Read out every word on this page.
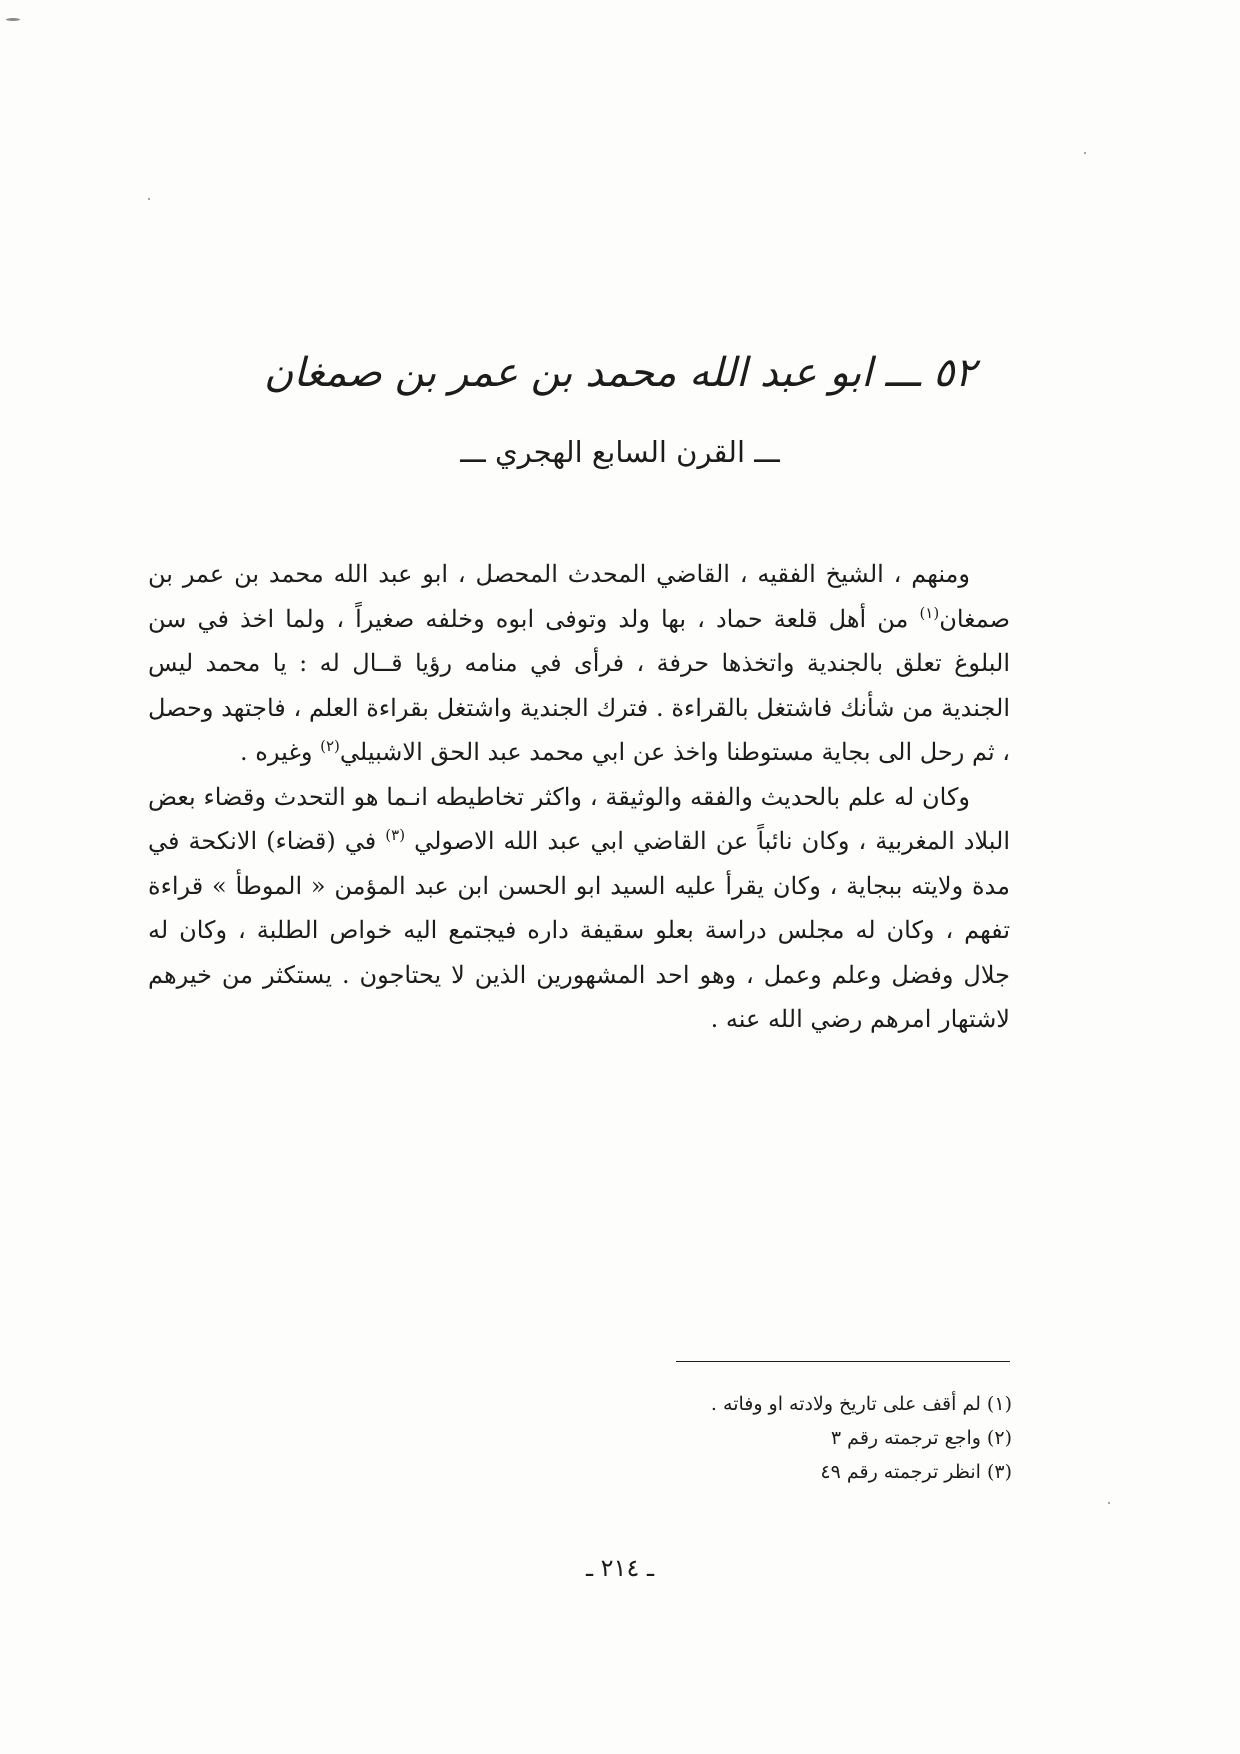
٥٢ ـــ ابو عبد الله محمد بن عمر بن صمغان
ـــ القرن السابع الهجري ـــ

ومنهم ، الشيخ الفقيه ، القاضي المحدث المحصل ، ابو عبد الله محمد بن عمر بن صمغان$^{(١)}$ من أهل قلعة حماد ، بها ولد وتوفى ابوه وخلفه صغيراً ، ولما اخذ في سن البلوغ تعلق بالجندية واتخذها حرفة ، فرأى في منامه رؤيا قــال له : يا محمد ليس الجندية من شأنك فاشتغل بالقراءة . فترك الجندية واشتغل بقراءة العلم ، فاجتهد وحصل ، ثم رحل الى بجاية مستوطنا واخذ عن ابي محمد عبد الحق الاشبيلي$^{(٢)}$ وغيره .

وكان له علم بالحديث والفقه والوثيقة ، واكثر تخاطيطه انـما هو التحدث وقضاء بعض البلاد المغربية ، وكان نائباً عن القاضي ابي عبد الله الاصولي $^{(٣)}$ في (قضاء) الانكحة في مدة ولايته ببجاية ، وكان يقرأ عليه السيد ابو الحسن ابن عبد المؤمن « الموطأ » قراءة تفهم ، وكان له مجلس دراسة بعلو سقيفة داره فيجتمع اليه خواص الطلبة ، وكان له جلال وفضل وعلم وعمل ، وهو احد المشهورين الذين لا يحتاجون . يستكثر من خيرهم لاشتهار امرهم رضي الله عنه .

(١) لم أقف على تاريخ ولادته او وفاته .
(٢) واجع ترجمته رقم ٣
(٣) انظر ترجمته رقم ٤٩
ـ ٢١٤ ـ
